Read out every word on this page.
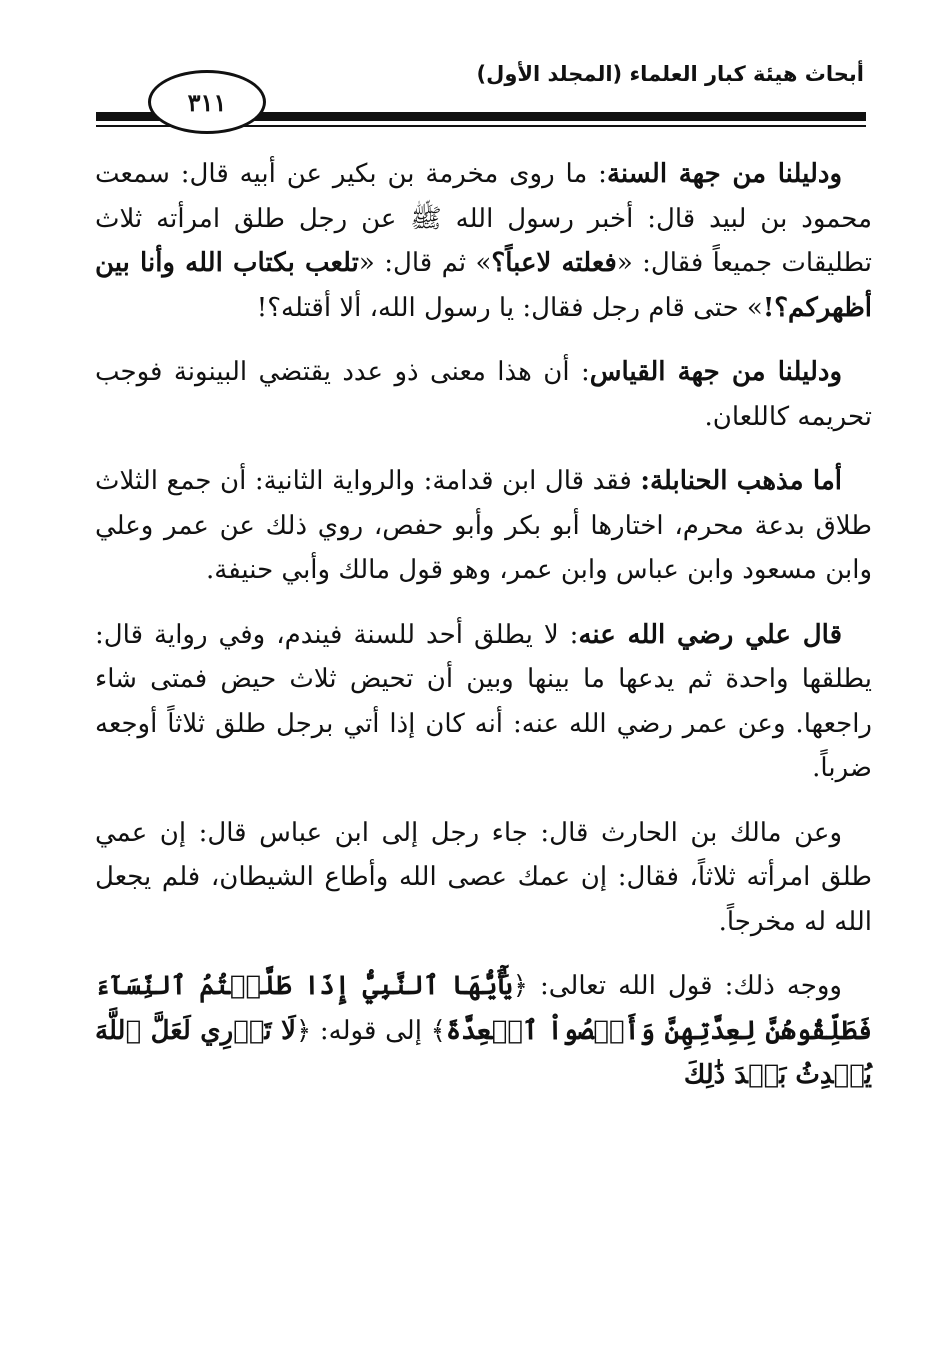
٣١١
أبحاث هيئة كبار العلماء (المجلد الأول)

ودليلنا من جهة السنة: ما روى مخرمة بن بكير عن أبيه قال: سمعت محمود بن لبيد قال: أخبر رسول الله ﷺ عن رجل طلق امرأته ثلاث تطليقات جميعاً فقال: «فعلته لاعباً؟» ثم قال: «تلعب بكتاب الله وأنا بين أظهركم؟!» حتى قام رجل فقال: يا رسول الله، ألا أقتله؟!

ودليلنا من جهة القياس: أن هذا معنى ذو عدد يقتضي البينونة فوجب تحريمه كاللعان.

أما مذهب الحنابلة: فقد قال ابن قدامة: والرواية الثانية: أن جمع الثلاث طلاق بدعة محرم، اختارها أبو بكر وأبو حفص، روي ذلك عن عمر وعلي وابن مسعود وابن عباس وابن عمر، وهو قول مالك وأبي حنيفة.

قال علي رضي الله عنه: لا يطلق أحد للسنة فيندم، وفي رواية قال: يطلقها واحدة ثم يدعها ما بينها وبين أن تحيض ثلاث حيض فمتى شاء راجعها. وعن عمر رضي الله عنه: أنه كان إذا أتي برجل طلق ثلاثاً أوجعه ضرباً.

وعن مالك بن الحارث قال: جاء رجل إلى ابن عباس قال: إن عمي طلق امرأته ثلاثاً، فقال: إن عمك عصى الله وأطاع الشيطان، فلم يجعل الله له مخرجاً.

ووجه ذلك: قول الله تعالى: ﴿يَٰٓأَيُّهَا ٱلنَّبِيُّ إِذَا طَلَّقۡتُمُ ٱلنِّسَآءَ فَطَلِّقُوهُنَّ لِعِدَّتِهِنَّ وَأَحۡصُواْ ٱلۡعِدَّةَ﴾ إلى قوله: ﴿لَا تَدۡرِي لَعَلَّ ٱللَّهَ يُحۡدِثُ بَعۡدَ ذَٰلِكَ
